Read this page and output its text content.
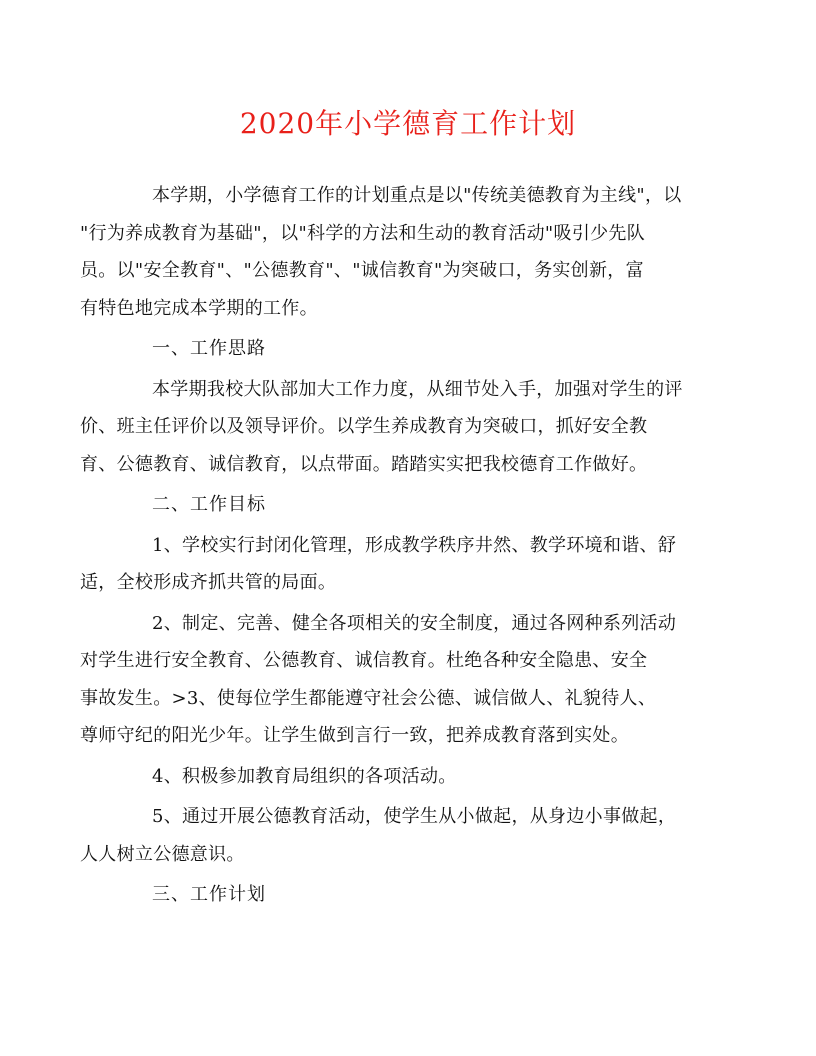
2020年小学德育工作计划

本学期，小学德育工作的计划重点是以"传统美德教育为主线"，以
"行为养成教育为基础"，以"科学的方法和生动的教育活动"吸引少先队
员。以"安全教育"、"公德教育"、"诚信教育"为突破口，务实创新，富
有特色地完成本学期的工作。

一、工作思路

本学期我校大队部加大工作力度，从细节处入手，加强对学生的评
价、班主任评价以及领导评价。以学生养成教育为突破口，抓好安全教
育、公德教育、诚信教育，以点带面。踏踏实实把我校德育工作做好。

二、工作目标

1、学校实行封闭化管理，形成教学秩序井然、教学环境和谐、舒
适，全校形成齐抓共管的局面。

2、制定、完善、健全各项相关的安全制度，通过各网种系列活动
对学生进行安全教育、公德教育、诚信教育。杜绝各种安全隐患、安全
事故发生。>3、使每位学生都能遵守社会公德、诚信做人、礼貌待人、
尊师守纪的阳光少年。让学生做到言行一致，把养成教育落到实处。

4、积极参加教育局组织的各项活动。

5、通过开展公德教育活动，使学生从小做起，从身边小事做起，
人人树立公德意识。

三、工作计划
